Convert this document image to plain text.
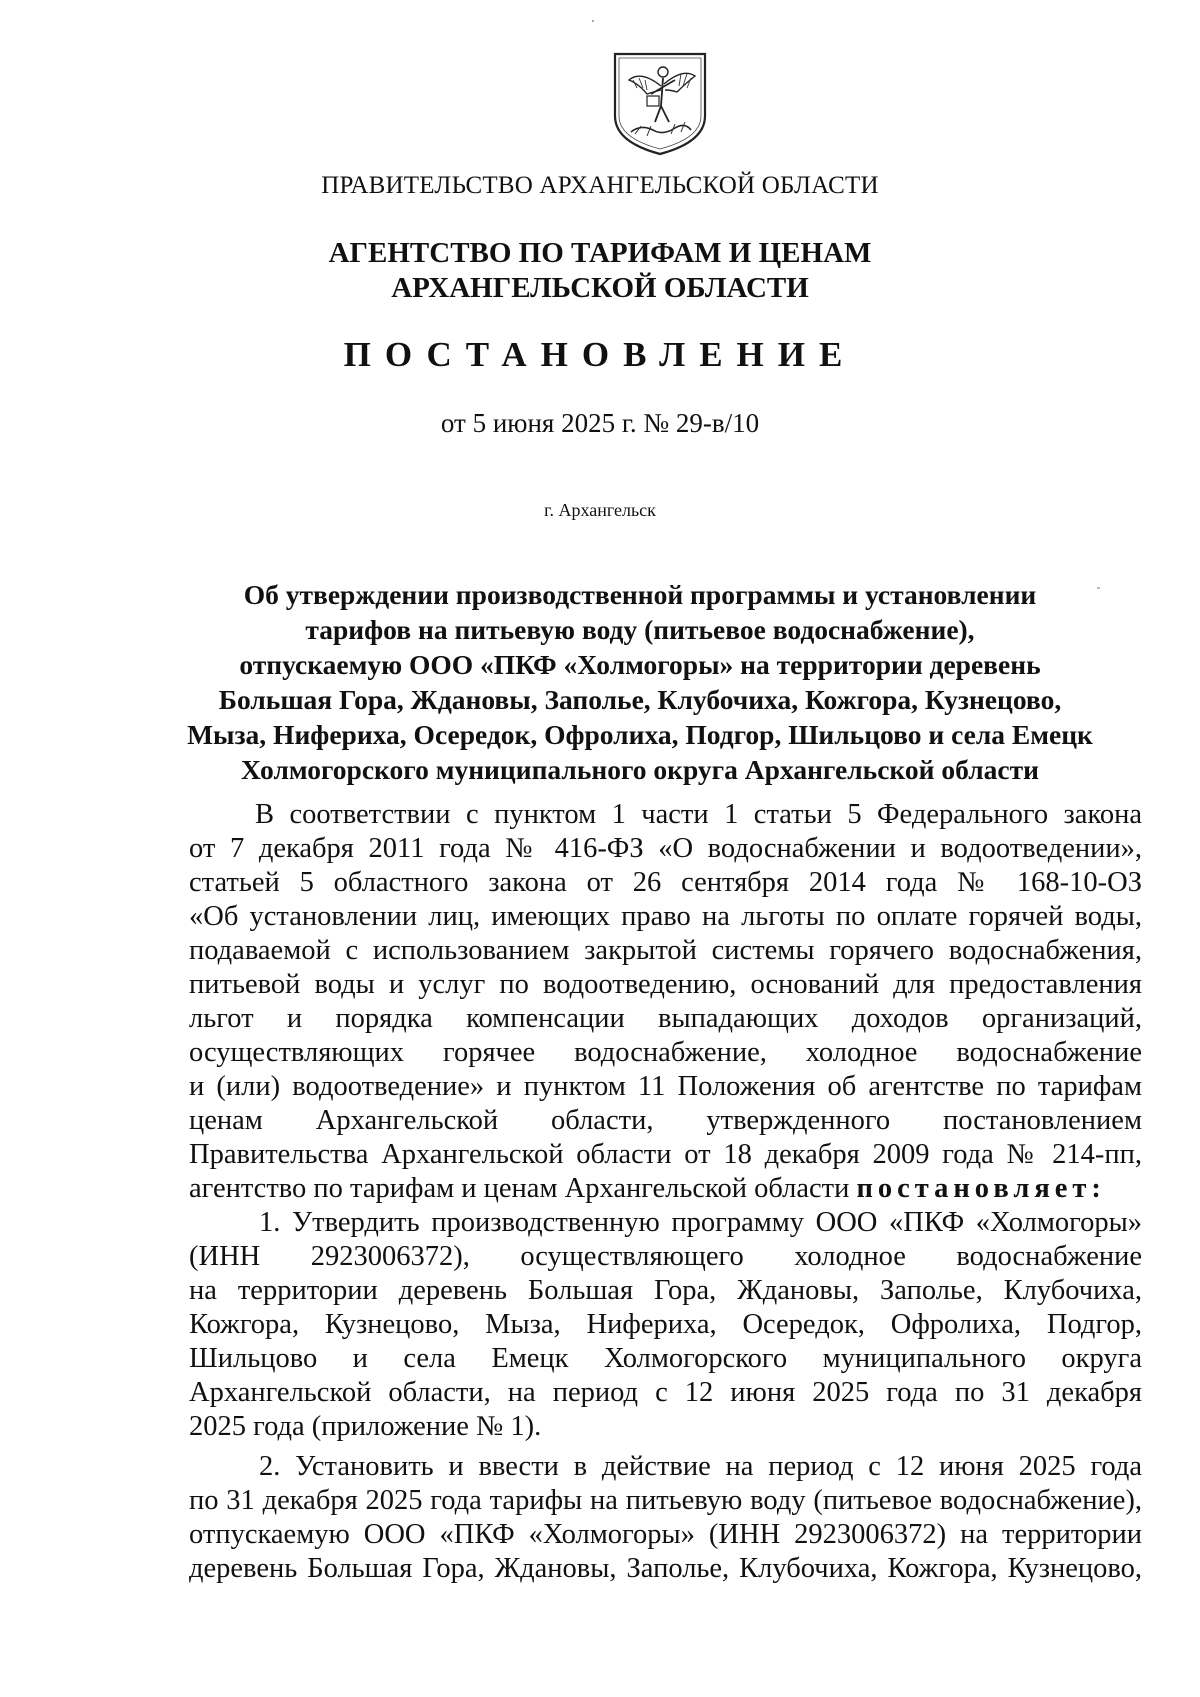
ПРАВИТЕЛЬСТВО АРХАНГЕЛЬСКОЙ ОБЛАСТИ
АГЕНТСТВО ПО ТАРИФАМ И ЦЕНАМ
АРХАНГЕЛЬСКОЙ ОБЛАСТИ
ПОСТАНОВЛЕНИЕ
от 5 июня 2025 г. № 29-в/10
г. Архангельск
Об утверждении производственной программы и установлении
тарифов на питьевую воду (питьевое водоснабжение),
отпускаемую ООО «ПКФ «Холмогоры» на территории деревень
Большая Гора, Ждановы, Заполье, Клубочиха, Кожгора, Кузнецово,
Мыза, Нифериха, Осередок, Офролиха, Подгор, Шильцово и села Емецк
Холмогорского муниципального округа Архангельской области
В соответствии с пунктом 1 части 1 статьи 5 Федерального закона
от 7 декабря 2011 года № 416-ФЗ «О водоснабжении и водоотведении»,
статьей 5 областного закона от 26 сентября 2014 года № 168-10-ОЗ
«Об установлении лиц, имеющих право на льготы по оплате горячей воды,
подаваемой с использованием закрытой системы горячего водоснабжения,
питьевой воды и услуг по водоотведению, оснований для предоставления
льгот и порядка компенсации выпадающих доходов организаций,
осуществляющих горячее водоснабжение, холодное водоснабжение
и (или) водоотведение» и пунктом 11 Положения об агентстве по тарифам
ценам Архангельской области, утвержденного постановлением
Правительства Архангельской области от 18 декабря 2009 года № 214-пп,
агентство по тарифам и ценам Архангельской области постановляет:
1. Утвердить производственную программу ООО «ПКФ «Холмогоры»
(ИНН 2923006372), осуществляющего холодное водоснабжение
на территории деревень Большая Гора, Ждановы, Заполье, Клубочиха,
Кожгора, Кузнецово, Мыза, Нифериха, Осередок, Офролиха, Подгор,
Шильцово и села Емецк Холмогорского муниципального округа
Архангельской области, на период с 12 июня 2025 года по 31 декабря
2025 года (приложение № 1).
2. Установить и ввести в действие на период с 12 июня 2025 года
по 31 декабря 2025 года тарифы на питьевую воду (питьевое водоснабжение),
отпускаемую ООО «ПКФ «Холмогоры» (ИНН 2923006372) на территории
деревень Большая Гора, Ждановы, Заполье, Клубочиха, Кожгора, Кузнецово,
